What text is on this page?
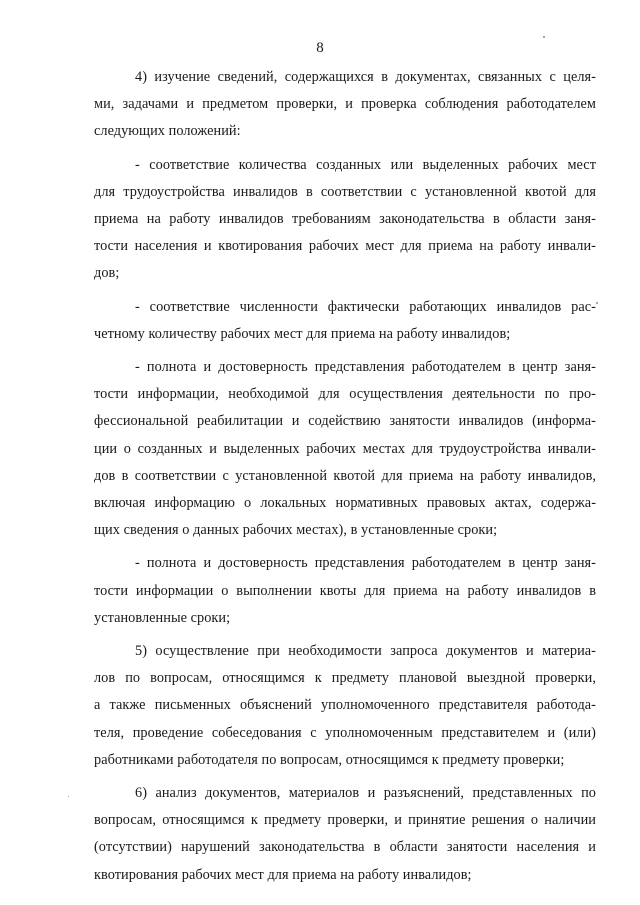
8

4) изучение сведений, содержащихся в документах, связанных с целя-
ми, задачами и предметом проверки, и проверка соблюдения работодателем
следующих положений:

- соответствие количества созданных или выделенных рабочих мест
для трудоустройства инвалидов в соответствии с установленной квотой для
приема на работу инвалидов требованиям законодательства в области заня-
тости населения и квотирования рабочих мест для приема на работу инвали-
дов;

- соответствие численности фактически работающих инвалидов рас-
четному количеству рабочих мест для приема на работу инвалидов;

- полнота и достоверность представления работодателем в центр заня-
тости информации, необходимой для осуществления деятельности по про-
фессиональной реабилитации и содействию занятости инвалидов (информа-
ции о созданных и выделенных рабочих местах для трудоустройства инвали-
дов в соответствии с установленной квотой для приема на работу инвалидов,
включая информацию о локальных нормативных правовых актах, содержа-
щих сведения о данных рабочих местах), в установленные сроки;

- полнота и достоверность представления работодателем в центр заня-
тости информации о выполнении квоты для приема на работу инвалидов в
установленные сроки;

5) осуществление при необходимости запроса документов и материа-
лов по вопросам, относящимся к предмету плановой выездной проверки,
а также письменных объяснений уполномоченного представителя работода-
теля, проведение собеседования с уполномоченным представителем и (или)
работниками работодателя по вопросам, относящимся к предмету проверки;

6) анализ документов, материалов и разъяснений, представленных по
вопросам, относящимся к предмету проверки, и принятие решения о наличии
(отсутствии) нарушений законодательства в области занятости населения и
квотирования рабочих мест для приема на работу инвалидов;
